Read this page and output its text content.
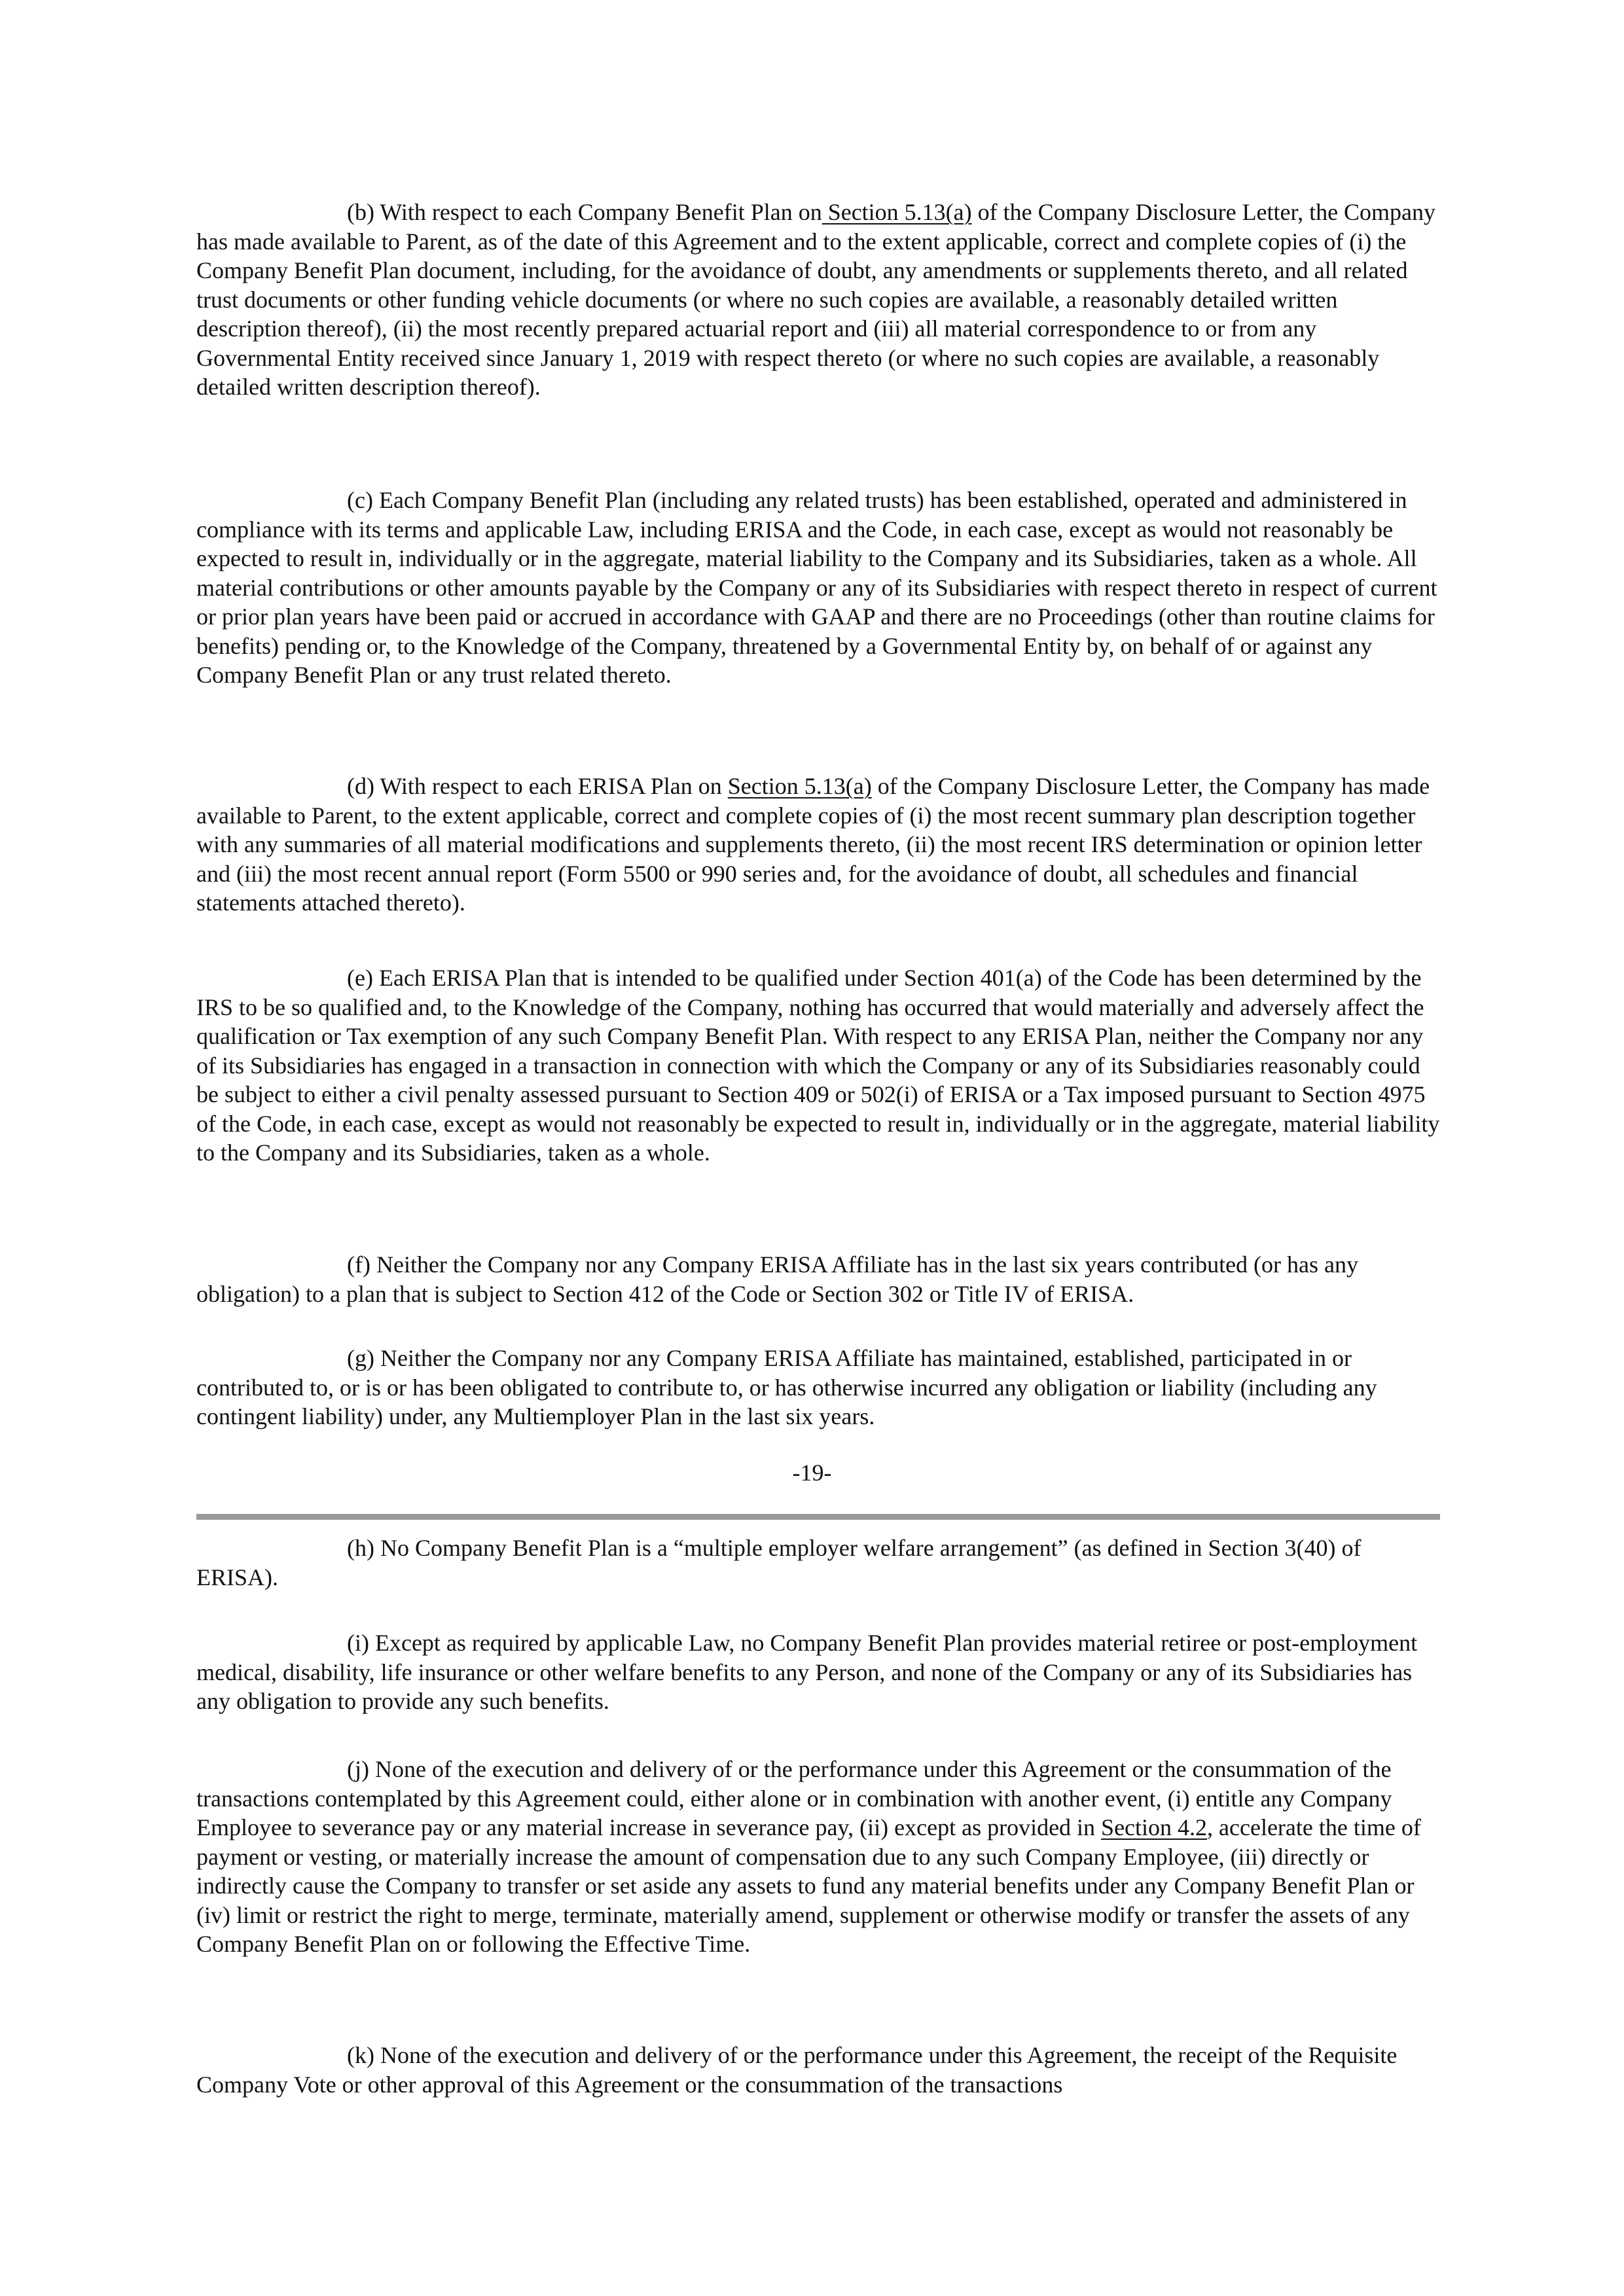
(b) With respect to each Company Benefit Plan on Section 5.13(a) of the Company Disclosure Letter, the Company has made available to Parent, as of the date of this Agreement and to the extent applicable, correct and complete copies of (i) the Company Benefit Plan document, including, for the avoidance of doubt, any amendments or supplements thereto, and all related trust documents or other funding vehicle documents (or where no such copies are available, a reasonably detailed written description thereof), (ii) the most recently prepared actuarial report and (iii) all material correspondence to or from any Governmental Entity received since January 1, 2019 with respect thereto (or where no such copies are available, a reasonably detailed written description thereof).

(c) Each Company Benefit Plan (including any related trusts) has been established, operated and administered in compliance with its terms and applicable Law, including ERISA and the Code, in each case, except as would not reasonably be expected to result in, individually or in the aggregate, material liability to the Company and its Subsidiaries, taken as a whole. All material contributions or other amounts payable by the Company or any of its Subsidiaries with respect thereto in respect of current or prior plan years have been paid or accrued in accordance with GAAP and there are no Proceedings (other than routine claims for benefits) pending or, to the Knowledge of the Company, threatened by a Governmental Entity by, on behalf of or against any Company Benefit Plan or any trust related thereto.

(d) With respect to each ERISA Plan on Section 5.13(a) of the Company Disclosure Letter, the Company has made available to Parent, to the extent applicable, correct and complete copies of (i) the most recent summary plan description together with any summaries of all material modifications and supplements thereto, (ii) the most recent IRS determination or opinion letter and (iii) the most recent annual report (Form 5500 or 990 series and, for the avoidance of doubt, all schedules and financial statements attached thereto).

(e) Each ERISA Plan that is intended to be qualified under Section 401(a) of the Code has been determined by the IRS to be so qualified and, to the Knowledge of the Company, nothing has occurred that would materially and adversely affect the qualification or Tax exemption of any such Company Benefit Plan. With respect to any ERISA Plan, neither the Company nor any of its Subsidiaries has engaged in a transaction in connection with which the Company or any of its Subsidiaries reasonably could be subject to either a civil penalty assessed pursuant to Section 409 or 502(i) of ERISA or a Tax imposed pursuant to Section 4975 of the Code, in each case, except as would not reasonably be expected to result in, individually or in the aggregate, material liability to the Company and its Subsidiaries, taken as a whole.

(f) Neither the Company nor any Company ERISA Affiliate has in the last six years contributed (or has any obligation) to a plan that is subject to Section 412 of the Code or Section 302 or Title IV of ERISA.

(g) Neither the Company nor any Company ERISA Affiliate has maintained, established, participated in or contributed to, or is or has been obligated to contribute to, or has otherwise incurred any obligation or liability (including any contingent liability) under, any Multiemployer Plan in the last six years.

-19-

(h) No Company Benefit Plan is a “multiple employer welfare arrangement” (as defined in Section 3(40) of ERISA).

(i) Except as required by applicable Law, no Company Benefit Plan provides material retiree or post-employment medical, disability, life insurance or other welfare benefits to any Person, and none of the Company or any of its Subsidiaries has any obligation to provide any such benefits.

(j) None of the execution and delivery of or the performance under this Agreement or the consummation of the transactions contemplated by this Agreement could, either alone or in combination with another event, (i) entitle any Company Employee to severance pay or any material increase in severance pay, (ii) except as provided in Section 4.2, accelerate the time of payment or vesting, or materially increase the amount of compensation due to any such Company Employee, (iii) directly or indirectly cause the Company to transfer or set aside any assets to fund any material benefits under any Company Benefit Plan or (iv) limit or restrict the right to merge, terminate, materially amend, supplement or otherwise modify or transfer the assets of any Company Benefit Plan on or following the Effective Time.

(k) None of the execution and delivery of or the performance under this Agreement, the receipt of the Requisite Company Vote or other approval of this Agreement or the consummation of the transactions
